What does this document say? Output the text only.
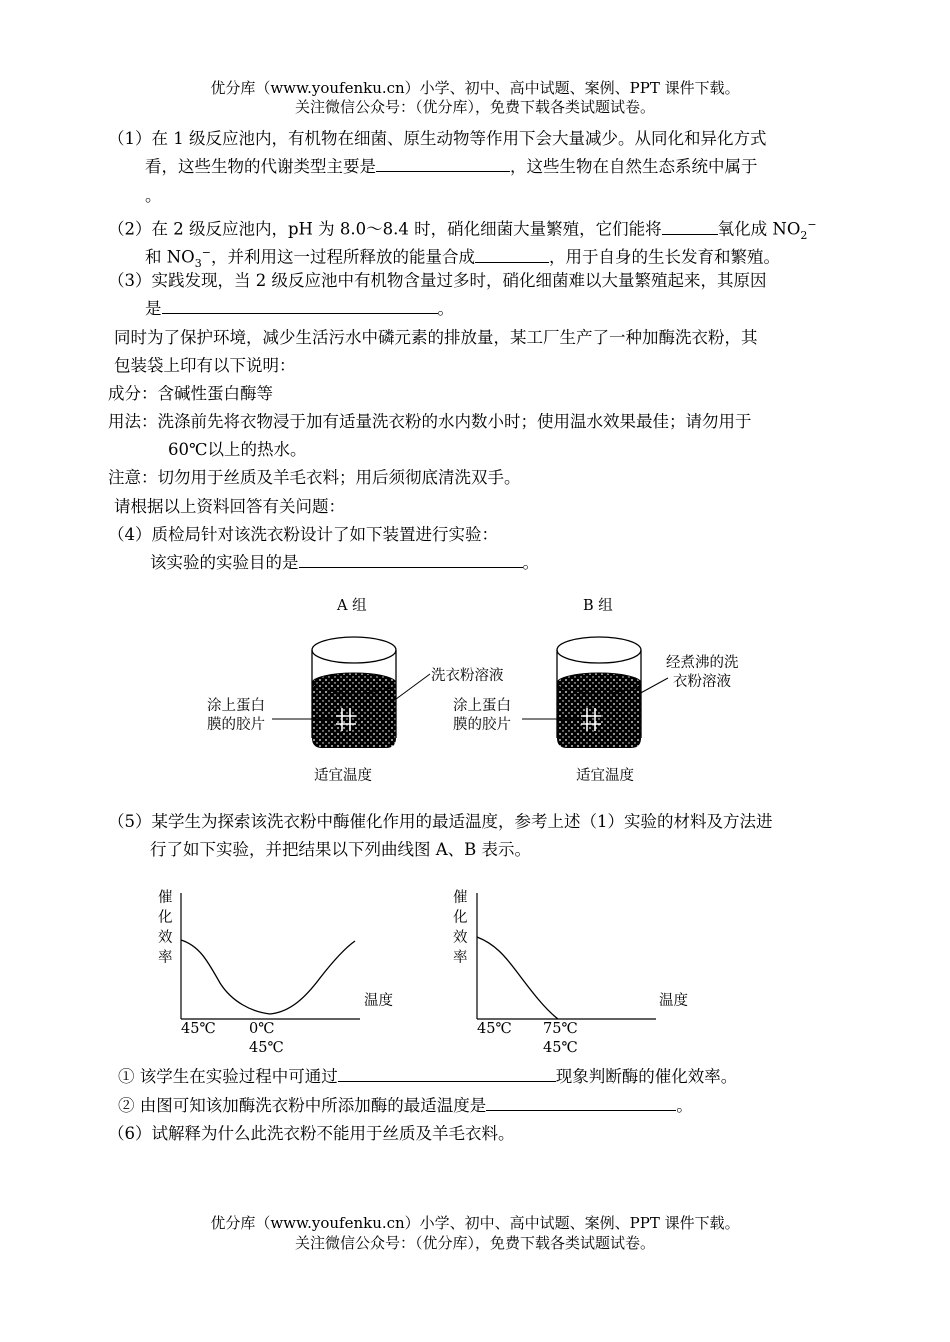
优分库（www.youfenku.cn）小学、初中、高中试题、案例、PPT 课件下载。
关注微信公众号：（优分库），免费下载各类试题试卷。
（1）在 1 级反应池内，有机物在细菌、原生动物等作用下会大量减少。从同化和异化方式
看，这些生物的代谢类型主要是	，这些生物在自然生态系统中属于
。
（2）在 2 级反应池内，pH 为 8.0～8.4 时，硝化细菌大量繁殖，它们能将	氧化成 $NO_2^-$
和 $NO_3^-$，并利用这一过程所释放的能量合成	，用于自身的生长发育和繁殖。
（3）实践发现，当 2 级反应池中有机物含量过多时，硝化细菌难以大量繁殖起来，其原因
是	。
同时为了保护环境，减少生活污水中磷元素的排放量，某工厂生产了一种加酶洗衣粉，其
包装袋上印有以下说明：
成分：含碱性蛋白酶等
用法：洗涤前先将衣物浸于加有适量洗衣粉的水内数小时；使用温水效果最佳；请勿用于
60℃以上的热水。
注意：切勿用于丝质及羊毛衣料；用后须彻底清洗双手。
请根据以上资料回答有关问题：
（4）质检局针对该洗衣粉设计了如下装置进行实验：
该实验的实验目的是	。
A 组	B 组
洗衣粉溶液
经煮沸的洗
衣粉溶液
涂上蛋白
膜的胶片
涂上蛋白
膜的胶片
适宜温度	适宜温度
（5）某学生为探索该洗衣粉中酶催化作用的最适温度，参考上述（1）实验的材料及方法进
行了如下实验，并把结果以下列曲线图 A、B 表示。
催
化
效
率
温度
45℃ 0℃
45℃
催
化
效
率
温度
45℃ 75℃
45℃
① 该学生在实验过程中可通过	现象判断酶的催化效率。
② 由图可知该加酶洗衣粉中所添加酶的最适温度是	。
（6）试解释为什么此洗衣粉不能用于丝质及羊毛衣料。
优分库（www.youfenku.cn）小学、初中、高中试题、案例、PPT 课件下载。
关注微信公众号：（优分库），免费下载各类试题试卷。
